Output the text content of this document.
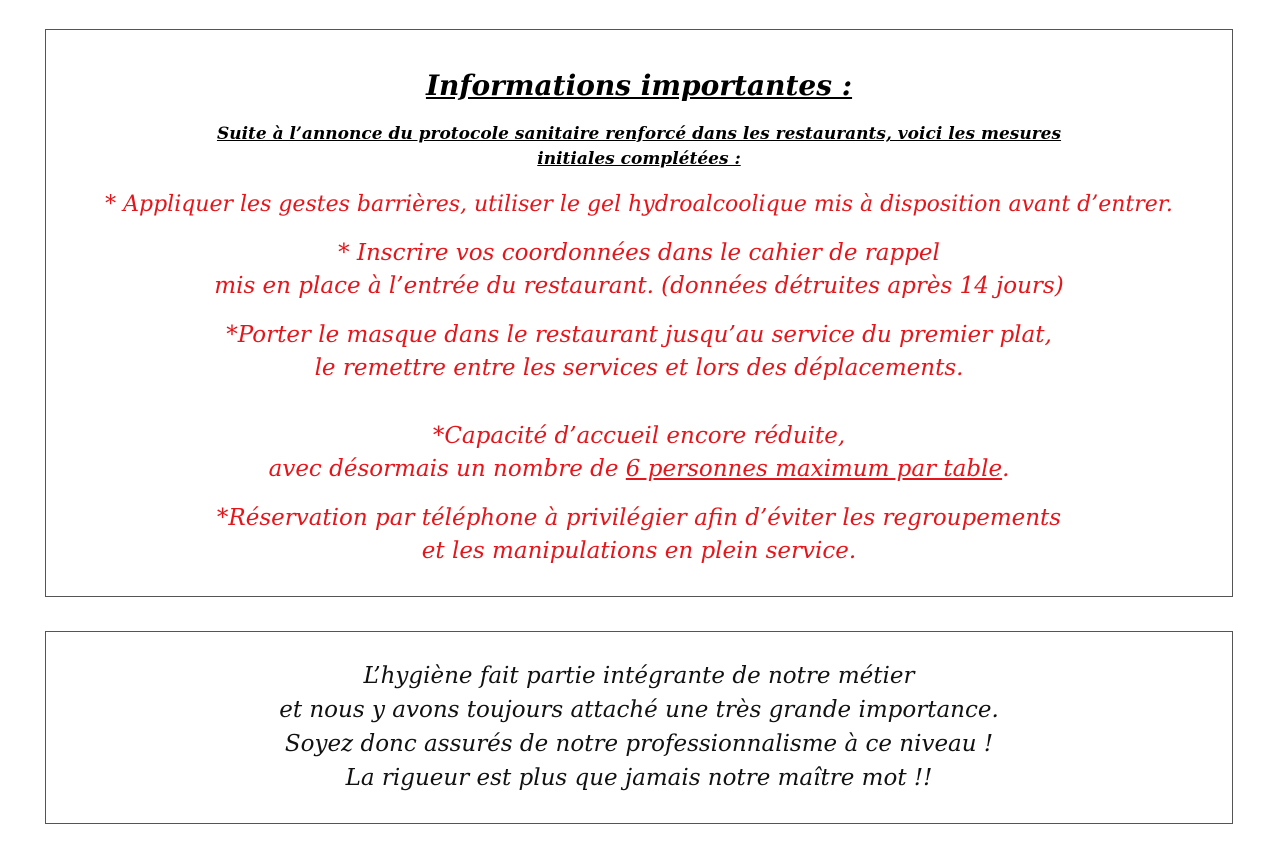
Informations importantes :

Suite à l’annonce du protocole sanitaire renforcé dans les restaurants, voici les mesures
initiales complétées :

* Appliquer les gestes barrières, utiliser le gel hydroalcoolique mis à disposition avant d’entrer.

* Inscrire vos coordonnées dans le cahier de rappel
mis en place à l’entrée du restaurant. (données détruites après 14 jours)

*Porter le masque dans le restaurant jusqu’au service du premier plat,
le remettre entre les services et lors des déplacements.

*Capacité d’accueil encore réduite,
avec désormais un nombre de 6 personnes maximum par table.

*Réservation par téléphone à privilégier afin d’éviter les regroupements
et les manipulations en plein service.

L’hygiène fait partie intégrante de notre métier
et nous y avons toujours attaché une très grande importance.
Soyez donc assurés de notre professionnalisme à ce niveau !
La rigueur est plus que jamais notre maître mot !!
